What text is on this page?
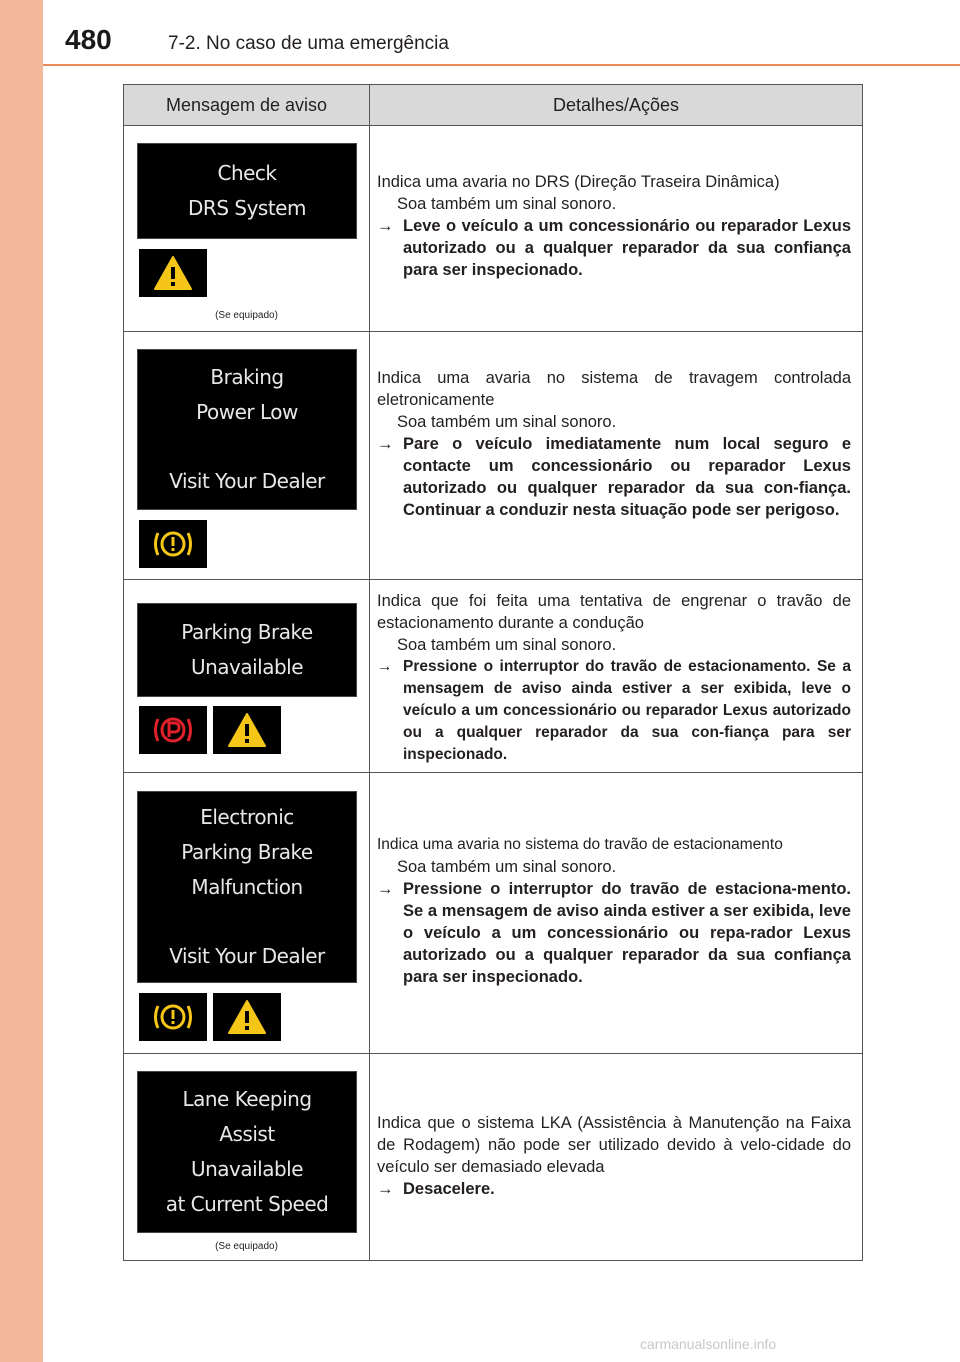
480	7-2. No caso de uma emergência
Mensagem de aviso	Detalhes/Ações
Check
DRS System
(Se equipado)

Indica uma avaria no DRS (Direção Traseira Dinâmica)

Soa também um sinal sonoro.

→ Leve o veículo a um concessionário ou reparador Lexus autorizado ou a qualquer reparador da sua confiança para ser inspecionado.

Braking
Power Low
Visit Your Dealer

Indica uma avaria no sistema de travagem controlada eletronicamente

Soa também um sinal sonoro.

→ Pare o veículo imediatamente num local seguro e contacte um concessionário ou reparador Lexus autorizado ou qualquer reparador da sua con-fiança. Continuar a conduzir nesta situação pode ser perigoso.

Parking Brake
Unavailable

Indica que foi feita uma tentativa de engrenar o travão de estacionamento durante a condução

Soa também um sinal sonoro.

→ Pressione o interruptor do travão de estacionamento. Se a mensagem de aviso ainda estiver a ser exibida, leve o veículo a um concessionário ou reparador Lexus autorizado ou a qualquer reparador da sua con-fiança para ser inspecionado.

Electronic
Parking Brake
Malfunction
Visit Your Dealer

Indica uma avaria no sistema do travão de estacionamento

Soa também um sinal sonoro.

→ Pressione o interruptor do travão de estaciona-mento. Se a mensagem de aviso ainda estiver a ser exibida, leve o veículo a um concessionário ou repa-rador Lexus autorizado ou a qualquer reparador da sua confiança para ser inspecionado.

Lane Keeping
Assist
Unavailable
at Current Speed
(Se equipado)

Indica que o sistema LKA (Assistência à Manutenção na Faixa de Rodagem) não pode ser utilizado devido à velo-cidade do veículo ser demasiado elevada

→ Desacelere.

carmanualsonline.info
